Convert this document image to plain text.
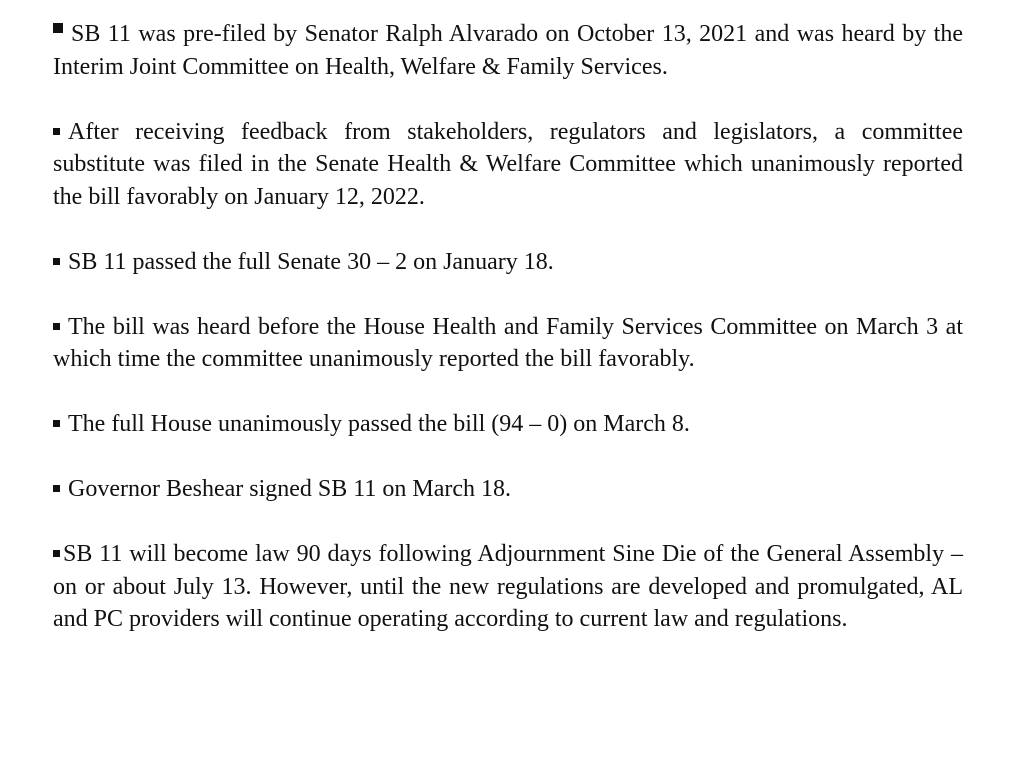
SB 11 was pre-filed by Senator Ralph Alvarado on October 13, 2021 and was heard by the Interim Joint Committee on Health, Welfare & Family Services.

After receiving feedback from stakeholders, regulators and legislators, a committee substitute was filed in the Senate Health & Welfare Committee which unanimously reported the bill favorably on January 12, 2022.

SB 11 passed the full Senate 30 – 2 on January 18.

The bill was heard before the House Health and Family Services Committee on March 3 at which time the committee unanimously reported the bill favorably.

The full House unanimously passed the bill (94 – 0) on March 8.

Governor Beshear signed SB 11 on March 18.

SB 11 will become law 90 days following Adjournment Sine Die of the General Assembly – on or about July 13. However, until the new regulations are developed and promulgated, AL and PC providers will continue operating according to current law and regulations.
